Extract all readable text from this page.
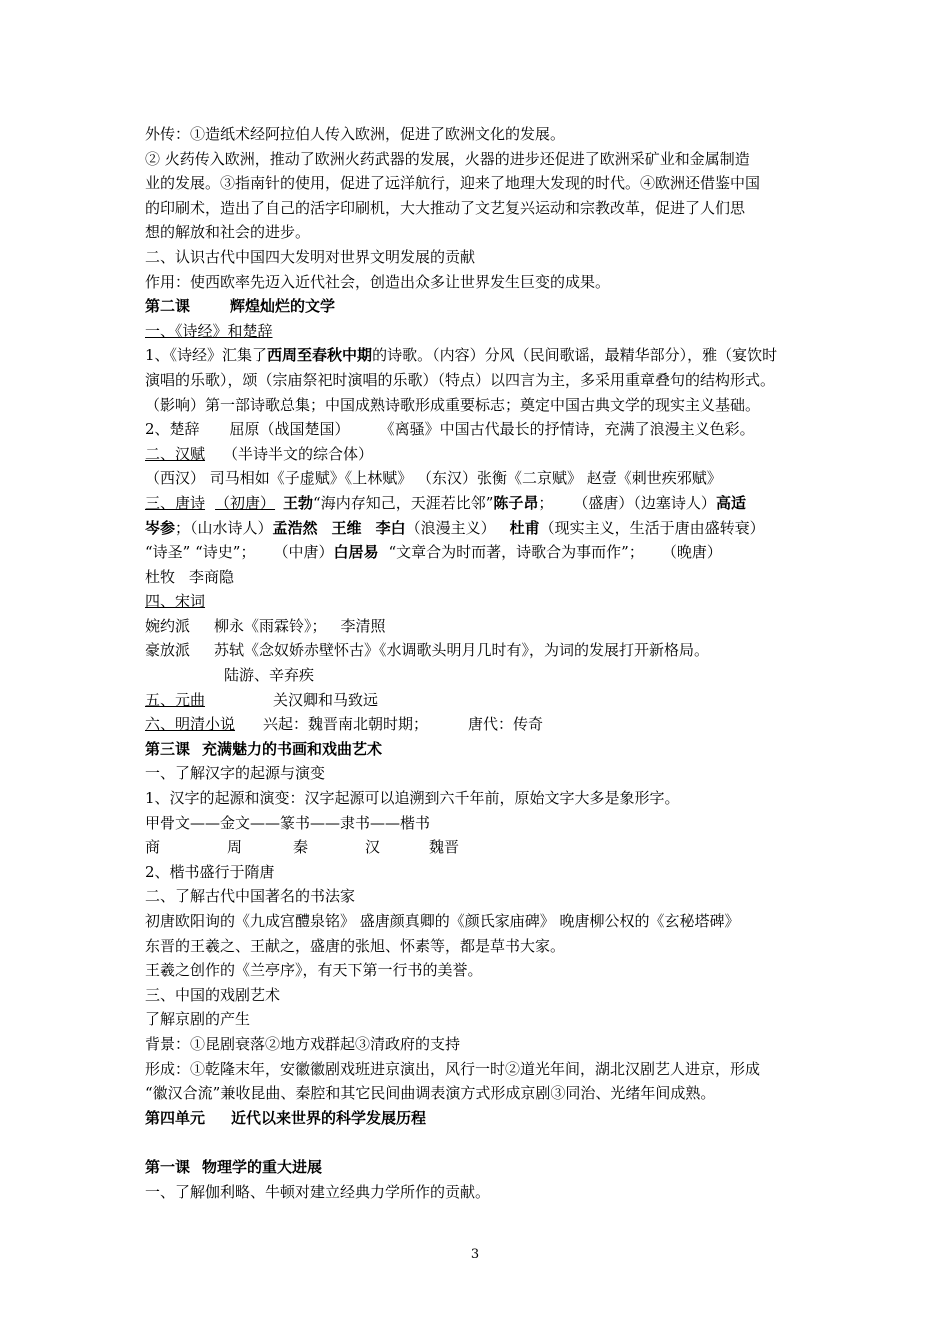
外传：①造纸术经阿拉伯人传入欧洲，促进了欧洲文化的发展。
② 火药传入欧洲，推动了欧洲火药武器的发展，火器的进步还促进了欧洲采矿业和金属制造
业的发展。③指南针的使用，促进了远洋航行，迎来了地理大发现的时代。④欧洲还借鉴中国
的印刷术，造出了自己的活字印刷机，大大推动了文艺复兴运动和宗教改革，促进了人们思
想的解放和社会的进步。
二、认识古代中国四大发明对世界文明发展的贡献
作用：使西欧率先迈入近代社会，创造出众多让世界发生巨变的成果。
第二课	辉煌灿烂的文学
一、《诗经》和楚辞
1、《诗经》汇集了西周至春秋中期的诗歌。（内容）分风（民间歌谣，最精华部分），雅（宴饮时
演唱的乐歌），颂（宗庙祭祀时演唱的乐歌）（特点）以四言为主，多采用重章叠句的结构形式。
（影响）第一部诗歌总集；中国成熟诗歌形成重要标志；奠定中国古典文学的现实主义基础。
2、楚辞 屈原（战国楚国） 《离骚》中国古代最长的抒情诗，充满了浪漫主义色彩。
二、汉赋 （半诗半文的综合体）
（西汉） 司马相如《子虚赋》《上林赋》 （东汉）张衡《二京赋》 赵壹《刺世疾邪赋》
三、唐诗 （初唐） 王勃“海内存知己，天涯若比邻”陈子昂； （盛唐）（边塞诗人）高适
岑参；（山水诗人）孟浩然 王维 李白（浪漫主义） 杜甫（现实主义，生活于唐由盛转衰）
“诗圣” “诗史”； （中唐）白居易 “文章合为时而著，诗歌合为事而作”； （晚唐）
杜牧 李商隐
四、宋词
婉约派 柳永《雨霖铃》； 李清照
豪放派 苏轼《念奴娇赤壁怀古》《水调歌头明月几时有》，为词的发展打开新格局。
陆游、辛弃疾
五、元曲	关汉卿和马致远
六、明清小说 兴起：魏晋南北朝时期；	唐代：传奇
第三课 充满魅力的书画和戏曲艺术
一、了解汉字的起源与演变
1、汉字的起源和演变：汉字起源可以追溯到六千年前，原始文字大多是象形字。
甲骨文——金文——篆书——隶书——楷书
商	周	秦	汉	魏晋
2、楷书盛行于隋唐
二、了解古代中国著名的书法家
初唐欧阳询的《九成宫醴泉铭》 盛唐颜真卿的《颜氏家庙碑》 晚唐柳公权的《玄秘塔碑》
东晋的王羲之、王献之，盛唐的张旭、怀素等，都是草书大家。
王羲之创作的《兰亭序》，有天下第一行书的美誉。
三、中国的戏剧艺术
了解京剧的产生
背景：①昆剧衰落②地方戏群起③清政府的支持
形成：①乾隆末年，安徽徽剧戏班进京演出，风行一时②道光年间，湖北汉剧艺人进京，形成
“徽汉合流”兼收昆曲、秦腔和其它民间曲调表演方式形成京剧③同治、光绪年间成熟。
第四单元 近代以来世界的科学发展历程
第一课 物理学的重大进展
一、了解伽利略、牛顿对建立经典力学所作的贡献。
3
